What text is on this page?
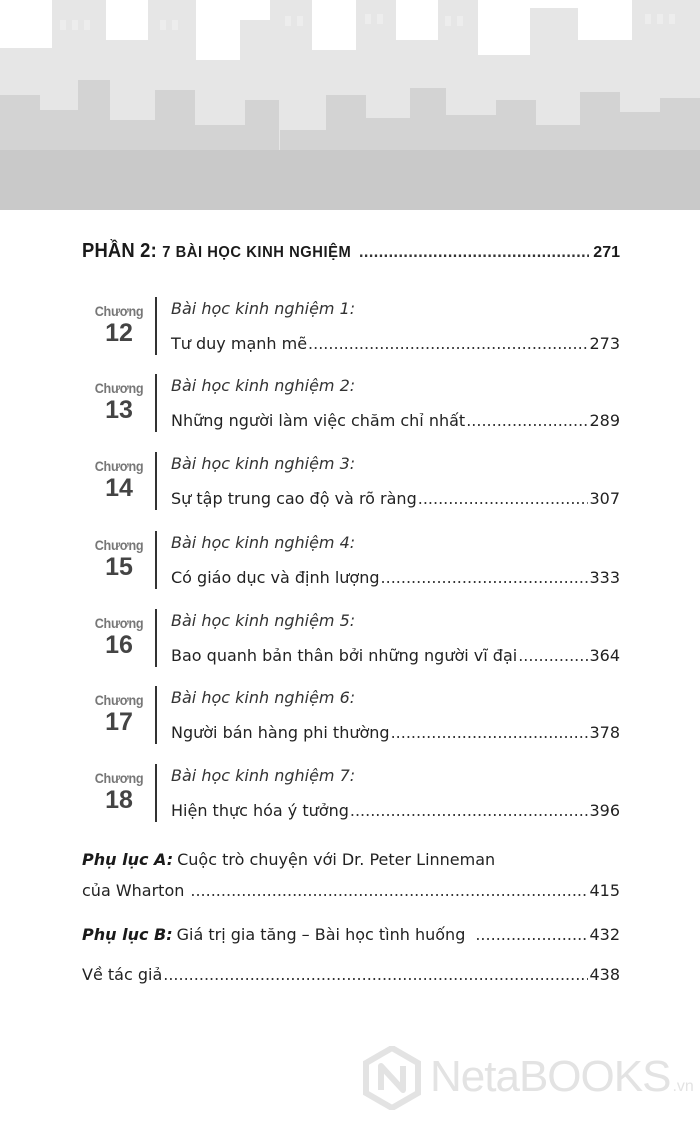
PHẦN 2: 7 BÀI HỌC KINH NGHIỆM .....	271
Chương
12
Bài học kinh nghiệm 1:
Tư duy mạnh mẽ .....	273
Chương
13
Bài học kinh nghiệm 2:
Những người làm việc chăm chỉ nhất .....	289
Chương
14
Bài học kinh nghiệm 3:
Sự tập trung cao độ và rõ ràng .....	307
Chương
15
Bài học kinh nghiệm 4:
Có giáo dục và định lượng .....	333
Chương
16
Bài học kinh nghiệm 5:
Bao quanh bản thân bởi những người vĩ đại .....	364
Chương
17
Bài học kinh nghiệm 6:
Người bán hàng phi thường .....	378
Chương
18
Bài học kinh nghiệm 7:
Hiện thực hóa ý tưởng .....	396
Phụ lục A: Cuộc trò chuyện với Dr. Peter Linneman
của Wharton .....	415
Phụ lục B: Giá trị gia tăng – Bài học tình huống .....	432
Về tác giả .....	438
NetaBOOKS .vn
